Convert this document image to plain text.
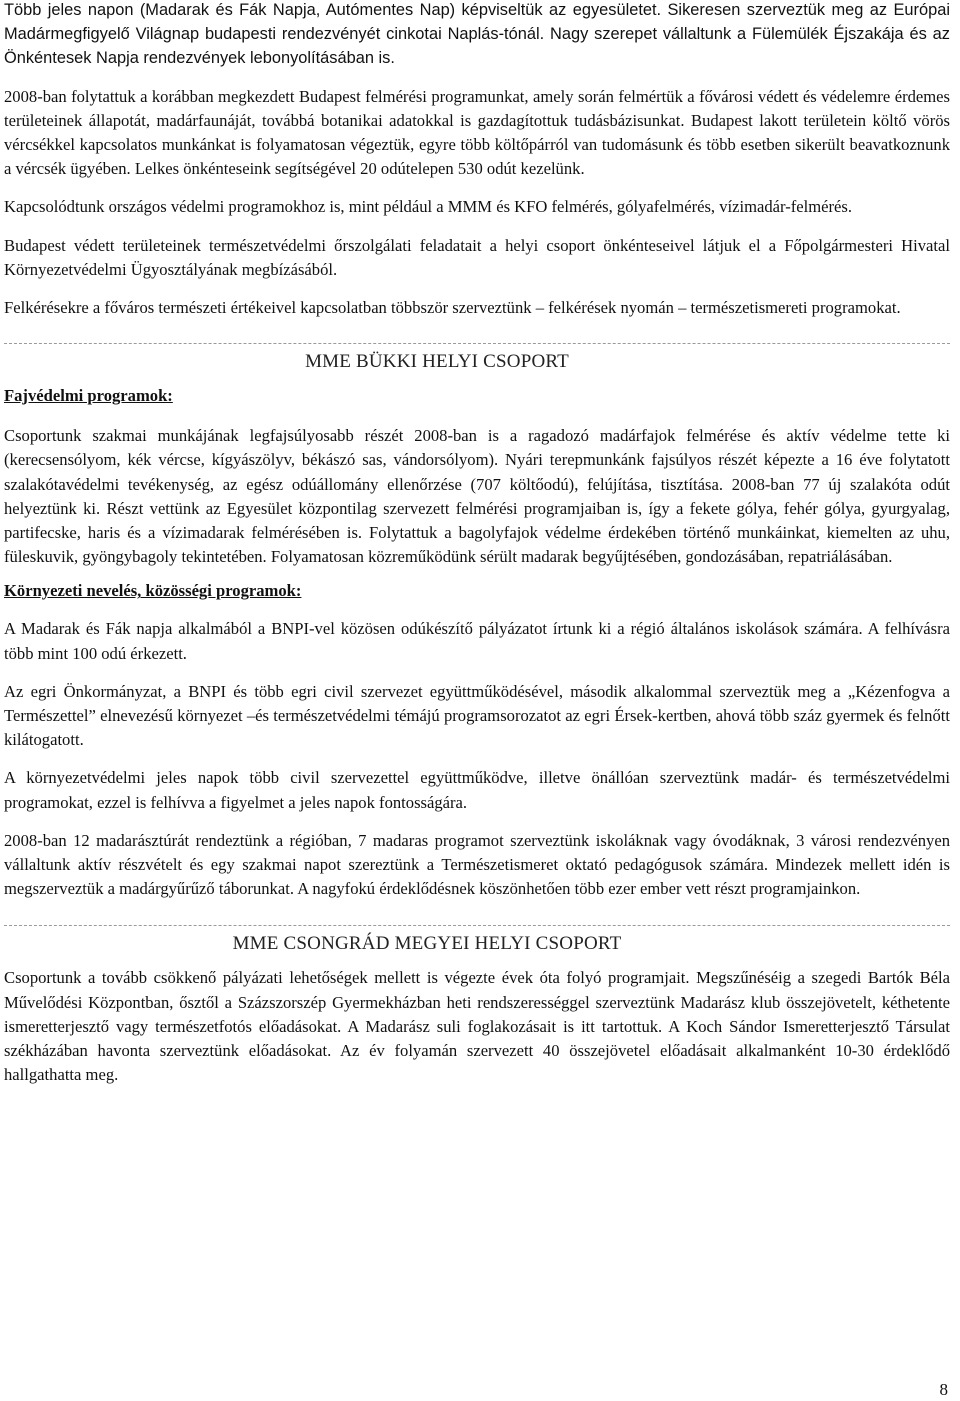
Több jeles napon (Madarak és Fák Napja, Autómentes Nap) képviseltük az egyesületet. Sikeresen szerveztük meg az Európai Madármegfigyelő Világnap budapesti rendezvényét cinkotai Naplás-tónál. Nagy szerepet vállaltunk a Fülemülék Éjszakája és az Önkéntesek Napja rendezvények lebonyolításában is.

2008-ban folytattuk a korábban megkezdett Budapest felmérési programunkat, amely során felmértük a fővárosi védett és védelemre érdemes területeinek állapotát, madárfaunáját, továbbá botanikai adatokkal is gazdagítottuk tudásbázisunkat. Budapest lakott területein költő vörös vércsékkel kapcsolatos munkánkat is folyamatosan végeztük, egyre több költőpárról van tudomásunk és több esetben sikerült beavatkoznunk a vércsék ügyében. Lelkes önkénteseink segítségével 20 odútelepen 530 odút kezelünk.

Kapcsolódtunk országos védelmi programokhoz is, mint például a MMM és KFO felmérés, gólyafelmérés, vízimadár-felmérés.

Budapest védett területeinek természetvédelmi őrszolgálati feladatait a helyi csoport önkénteseivel látjuk el a Főpolgármesteri Hivatal Környezetvédelmi Ügyosztályának megbízásából.

Felkérésekre a főváros természeti értékeivel kapcsolatban többször szerveztünk – felkérések nyomán – természetismereti programokat.

MME BÜKKI HELYI CSOPORT
Fajvédelmi programok:

Csoportunk szakmai munkájának legfajsúlyosabb részét 2008-ban is a ragadozó madárfajok felmérése és aktív védelme tette ki (kerecsensólyom, kék vércse, kígyászölyv, békászó sas, vándorsólyom). Nyári terepmunkánk fajsúlyos részét képezte a 16 éve folytatott szalakótavédelmi tevékenység, az egész odúállomány ellenőrzése (707 költőodú), felújítása, tisztítása. 2008-ban 77 új szalakóta odút helyeztünk ki. Részt vettünk az Egyesület központilag szervezett felmérési programjaiban is, így a fekete gólya, fehér gólya, gyurgyalag, partifecske, haris és a vízimadarak felmérésében is. Folytattuk a bagolyfajok védelme érdekében történő munkáinkat, kiemelten az uhu, füleskuvik, gyöngybagoly tekintetében. Folyamatosan közreműködünk sérült madarak begyűjtésében, gondozásában, repatriálásában.

Környezeti nevelés, közösségi programok:

A Madarak és Fák napja alkalmából a BNPI-vel közösen odúkészítő pályázatot írtunk ki a régió általános iskolások számára. A felhívásra több mint 100 odú érkezett.

Az egri Önkormányzat, a BNPI és több egri civil szervezet együttműködésével, második alkalommal szerveztük meg a „Kézenfogva a Természettel” elnevezésű környezet –és természetvédelmi témájú programsorozatot az egri Érsek-kertben, ahová több száz gyermek és felnőtt kilátogatott.

A környezetvédelmi jeles napok több civil szervezettel együttműködve, illetve önállóan szerveztünk madár- és természetvédelmi programokat, ezzel is felhívva a figyelmet a jeles napok fontosságára.

2008-ban 12 madarásztúrát rendeztünk a régióban, 7 madaras programot szerveztünk iskoláknak vagy óvodáknak, 3 városi rendezvényen vállaltunk aktív részvételt és egy szakmai napot szereztünk a Természetismeret oktató pedagógusok számára. Mindezek mellett idén is megszerveztük a madárgyűrűző táborunkat. A nagyfokú érdeklődésnek köszönhetően több ezer ember vett részt programjainkon.

MME CSONGRÁD MEGYEI HELYI CSOPORT

Csoportunk a tovább csökkenő pályázati lehetőségek mellett is végezte évek óta folyó programjait. Megszűnéséig a szegedi Bartók Béla Művelődési Központban, ősztől a Százszorszép Gyermekházban heti rendszerességgel szerveztünk Madarász klub összejövetelt, kéthetente ismeretterjesztő vagy természetfotós előadásokat. A Madarász suli foglakozásait is itt tartottuk. A Koch Sándor Ismeretterjesztő Társulat székházában havonta szerveztünk előadásokat. Az év folyamán szervezett 40 összejövetel előadásait alkalmanként 10-30 érdeklődő hallgathatta meg.

8
